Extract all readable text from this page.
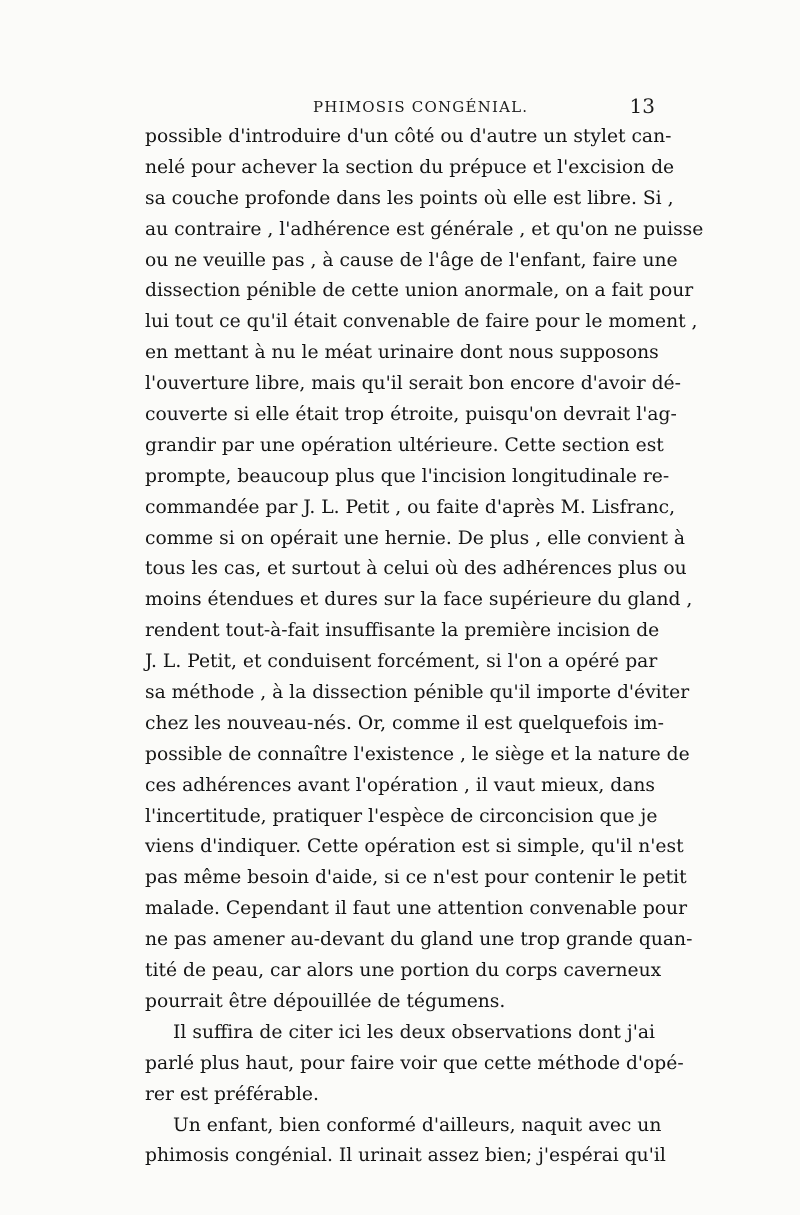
PHIMOSIS CONGÉNIAL.	13
possible d'introduire d'un côté ou d'autre un stylet can-
nelé pour achever la section du prépuce et l'excision de
sa couche profonde dans les points où elle est libre. Si ,
au contraire , l'adhérence est générale , et qu'on ne puisse
ou ne veuille pas , à cause de l'âge de l'enfant, faire une
dissection pénible de cette union anormale, on a fait pour
lui tout ce qu'il était convenable de faire pour le moment ,
en mettant à nu le méat urinaire dont nous supposons
l'ouverture libre, mais qu'il serait bon encore d'avoir dé-
couverte si elle était trop étroite, puisqu'on devrait l'ag-
grandir par une opération ultérieure. Cette section est
prompte, beaucoup plus que l'incision longitudinale re-
commandée par J. L. Petit , ou faite d'après M. Lisfranc,
comme si on opérait une hernie. De plus , elle convient à
tous les cas, et surtout à celui où des adhérences plus ou
moins étendues et dures sur la face supérieure du gland ,
rendent tout-à-fait insuffisante la première incision de
J. L. Petit, et conduisent forcément, si l'on a opéré par
sa méthode , à la dissection pénible qu'il importe d'éviter
chez les nouveau-nés. Or, comme il est quelquefois im-
possible de connaître l'existence , le siège et la nature de
ces adhérences avant l'opération , il vaut mieux, dans
l'incertitude, pratiquer l'espèce de circoncision que je
viens d'indiquer. Cette opération est si simple, qu'il n'est
pas même besoin d'aide, si ce n'est pour contenir le petit
malade. Cependant il faut une attention convenable pour
ne pas amener au-devant du gland une trop grande quan-
tité de peau, car alors une portion du corps caverneux
pourrait être dépouillée de tégumens.
Il suffira de citer ici les deux observations dont j'ai
parlé plus haut, pour faire voir que cette méthode d'opé-
rer est préférable.
Un enfant, bien conformé d'ailleurs, naquit avec un
phimosis congénial. Il urinait assez bien; j'espérai qu'il
